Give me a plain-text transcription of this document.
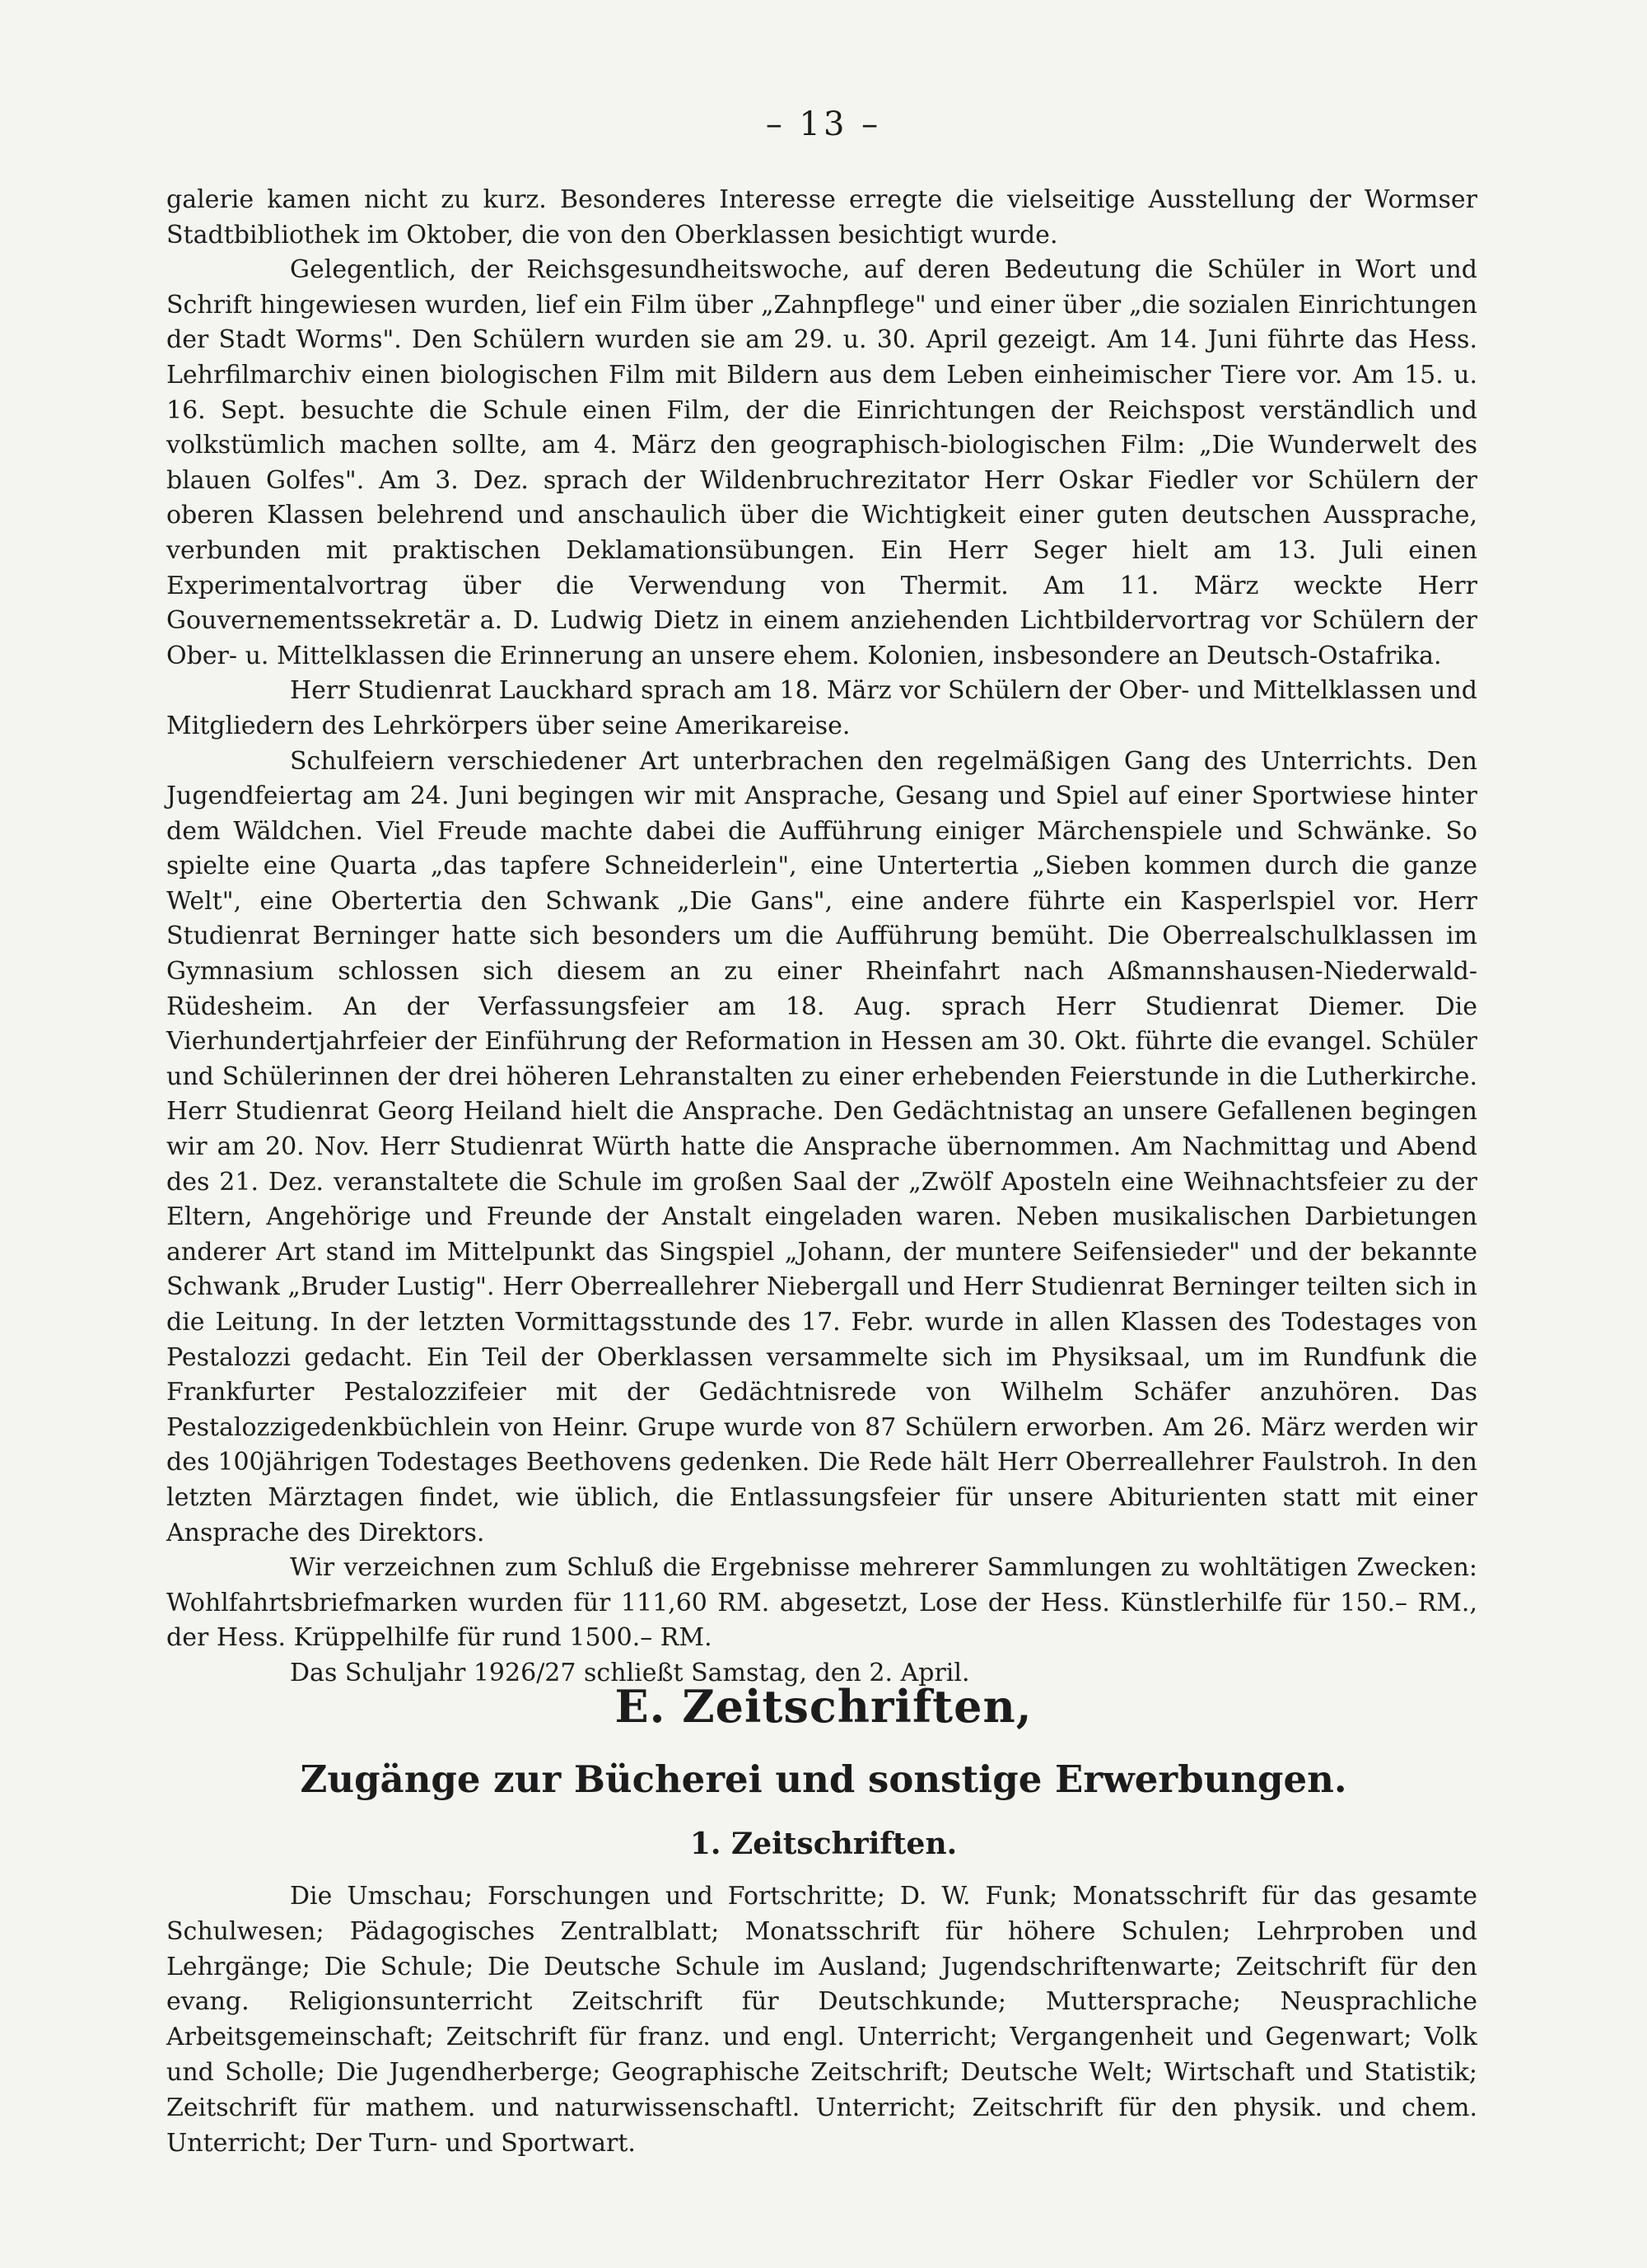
– 13 –

galerie kamen nicht zu kurz. Besonderes Interesse erregte die vielseitige Ausstellung der Wormser Stadtbibliothek im Oktober, die von den Oberklassen besichtigt wurde.

Gelegentlich, der Reichsgesundheitswoche, auf deren Bedeutung die Schüler in Wort und Schrift hingewiesen wurden, lief ein Film über „Zahnpflege" und einer über „die sozialen Einrichtungen der Stadt Worms". Den Schülern wurden sie am 29. u. 30. April gezeigt. Am 14. Juni führte das Hess. Lehrfilmarchiv einen biologischen Film mit Bildern aus dem Leben einheimischer Tiere vor. Am 15. u. 16. Sept. besuchte die Schule einen Film, der die Einrichtungen der Reichspost verständlich und volkstümlich machen sollte, am 4. März den geographisch-biologischen Film: „Die Wunderwelt des blauen Golfes". Am 3. Dez. sprach der Wildenbruchrezitator Herr Oskar Fiedler vor Schülern der oberen Klassen belehrend und anschaulich über die Wichtigkeit einer guten deutschen Aussprache, verbunden mit praktischen Deklamationsübungen. Ein Herr Seger hielt am 13. Juli einen Experimentalvortrag über die Verwendung von Thermit. Am 11. März weckte Herr Gouvernementssekretär a. D. Ludwig Dietz in einem anziehenden Lichtbildervortrag vor Schülern der Ober- u. Mittelklassen die Erinnerung an unsere ehem. Kolonien, insbesondere an Deutsch-Ostafrika.

Herr Studienrat Lauckhard sprach am 18. März vor Schülern der Ober- und Mittelklassen und Mitgliedern des Lehrkörpers über seine Amerikareise.

Schulfeiern verschiedener Art unterbrachen den regelmäßigen Gang des Unterrichts. Den Jugendfeiertag am 24. Juni begingen wir mit Ansprache, Gesang und Spiel auf einer Sportwiese hinter dem Wäldchen. Viel Freude machte dabei die Aufführung einiger Märchenspiele und Schwänke. So spielte eine Quarta „das tapfere Schneiderlein", eine Untertertia „Sieben kommen durch die ganze Welt", eine Obertertia den Schwank „Die Gans", eine andere führte ein Kasperlspiel vor. Herr Studienrat Berninger hatte sich besonders um die Aufführung bemüht. Die Oberrealschulklassen im Gymnasium schlossen sich diesem an zu einer Rheinfahrt nach Aßmannshausen-Niederwald-Rüdesheim. An der Verfassungsfeier am 18. Aug. sprach Herr Studienrat Diemer. Die Vierhundertjahrfeier der Einführung der Reformation in Hessen am 30. Okt. führte die evangel. Schüler und Schülerinnen der drei höheren Lehranstalten zu einer erhebenden Feierstunde in die Lutherkirche. Herr Studienrat Georg Heiland hielt die Ansprache. Den Gedächtnistag an unsere Gefallenen begingen wir am 20. Nov. Herr Studienrat Würth hatte die Ansprache übernommen. Am Nachmittag und Abend des 21. Dez. veranstaltete die Schule im großen Saal der „Zwölf Aposteln eine Weihnachtsfeier zu der Eltern, Angehörige und Freunde der Anstalt eingeladen waren. Neben musikalischen Darbietungen anderer Art stand im Mittelpunkt das Singspiel „Johann, der muntere Seifensieder" und der bekannte Schwank „Bruder Lustig". Herr Oberreallehrer Niebergall und Herr Studienrat Berninger teilten sich in die Leitung. In der letzten Vormittagsstunde des 17. Febr. wurde in allen Klassen des Todestages von Pestalozzi gedacht. Ein Teil der Oberklassen versammelte sich im Physiksaal, um im Rundfunk die Frankfurter Pestalozzifeier mit der Gedächtnisrede von Wilhelm Schäfer anzuhören. Das Pestalozzigedenkbüchlein von Heinr. Grupe wurde von 87 Schülern erworben. Am 26. März werden wir des 100jährigen Todestages Beethovens gedenken. Die Rede hält Herr Oberreallehrer Faulstroh. In den letzten Märztagen findet, wie üblich, die Entlassungsfeier für unsere Abiturienten statt mit einer Ansprache des Direktors.

Wir verzeichnen zum Schluß die Ergebnisse mehrerer Sammlungen zu wohltätigen Zwecken: Wohlfahrtsbriefmarken wurden für 111,60 RM. abgesetzt, Lose der Hess. Künstlerhilfe für 150.– RM., der Hess. Krüppelhilfe für rund 1500.– RM.

Das Schuljahr 1926/27 schließt Samstag, den 2. April.

E. Zeitschriften,
Zugänge zur Bücherei und sonstige Erwerbungen.
1. Zeitschriften.

Die Umschau; Forschungen und Fortschritte; D. W. Funk; Monatsschrift für das gesamte Schulwesen; Pädagogisches Zentralblatt; Monatsschrift für höhere Schulen; Lehrproben und Lehrgänge; Die Schule; Die Deutsche Schule im Ausland; Jugendschriftenwarte; Zeitschrift für den evang. Religionsunterricht Zeitschrift für Deutschkunde; Muttersprache; Neusprachliche Arbeitsgemeinschaft; Zeitschrift für franz. und engl. Unterricht; Vergangenheit und Gegenwart; Volk und Scholle; Die Jugendherberge; Geographische Zeitschrift; Deutsche Welt; Wirtschaft und Statistik; Zeitschrift für mathem. und naturwissenschaftl. Unterricht; Zeitschrift für den physik. und chem. Unterricht; Der Turn- und Sportwart.
